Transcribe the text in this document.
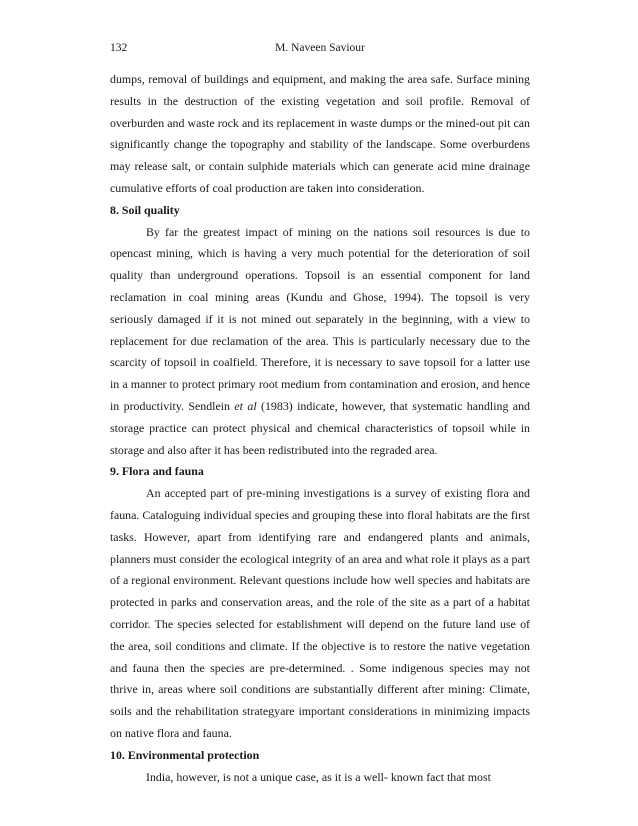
132	M. Naveen Saviour

dumps, removal of buildings and equipment, and making the area safe. Surface mining results in the destruction of the existing vegetation and soil profile. Removal of overburden and waste rock and its replacement in waste dumps or the mined-out pit can significantly change the topography and stability of the landscape. Some overburdens may release salt, or contain sulphide materials which can generate acid mine drainage cumulative efforts of coal production are taken into consideration.

8. Soil quality

By far the greatest impact of mining on the nations soil resources is due to opencast mining, which is having a very much potential for the deterioration of soil quality than underground operations. Topsoil is an essential component for land reclamation in coal mining areas (Kundu and Ghose, 1994). The topsoil is very seriously damaged if it is not mined out separately in the beginning, with a view to replacement for due reclamation of the area. This is particularly necessary due to the scarcity of topsoil in coalfield. Therefore, it is necessary to save topsoil for a latter use in a manner to protect primary root medium from contamination and erosion, and hence in productivity. Sendlein et al (1983) indicate, however, that systematic handling and storage practice can protect physical and chemical characteristics of topsoil while in storage and also after it has been redistributed into the regraded area.

9. Flora and fauna

An accepted part of pre-mining investigations is a survey of existing flora and fauna. Cataloguing individual species and grouping these into floral habitats are the first tasks. However, apart from identifying rare and endangered plants and animals, planners must consider the ecological integrity of an area and what role it plays as a part of a regional environment. Relevant questions include how well species and habitats are protected in parks and conservation areas, and the role of the site as a part of a habitat corridor. The species selected for establishment will depend on the future land use of the area, soil conditions and climate. If the objective is to restore the native vegetation and fauna then the species are pre-determined. . Some indigenous species may not thrive in, areas where soil conditions are substantially different after mining: Climate, soils and the rehabilitation strategyare important considerations in minimizing impacts on native flora and fauna.

10. Environmental protection

India, however, is not a unique case, as it is a well- known fact that most
